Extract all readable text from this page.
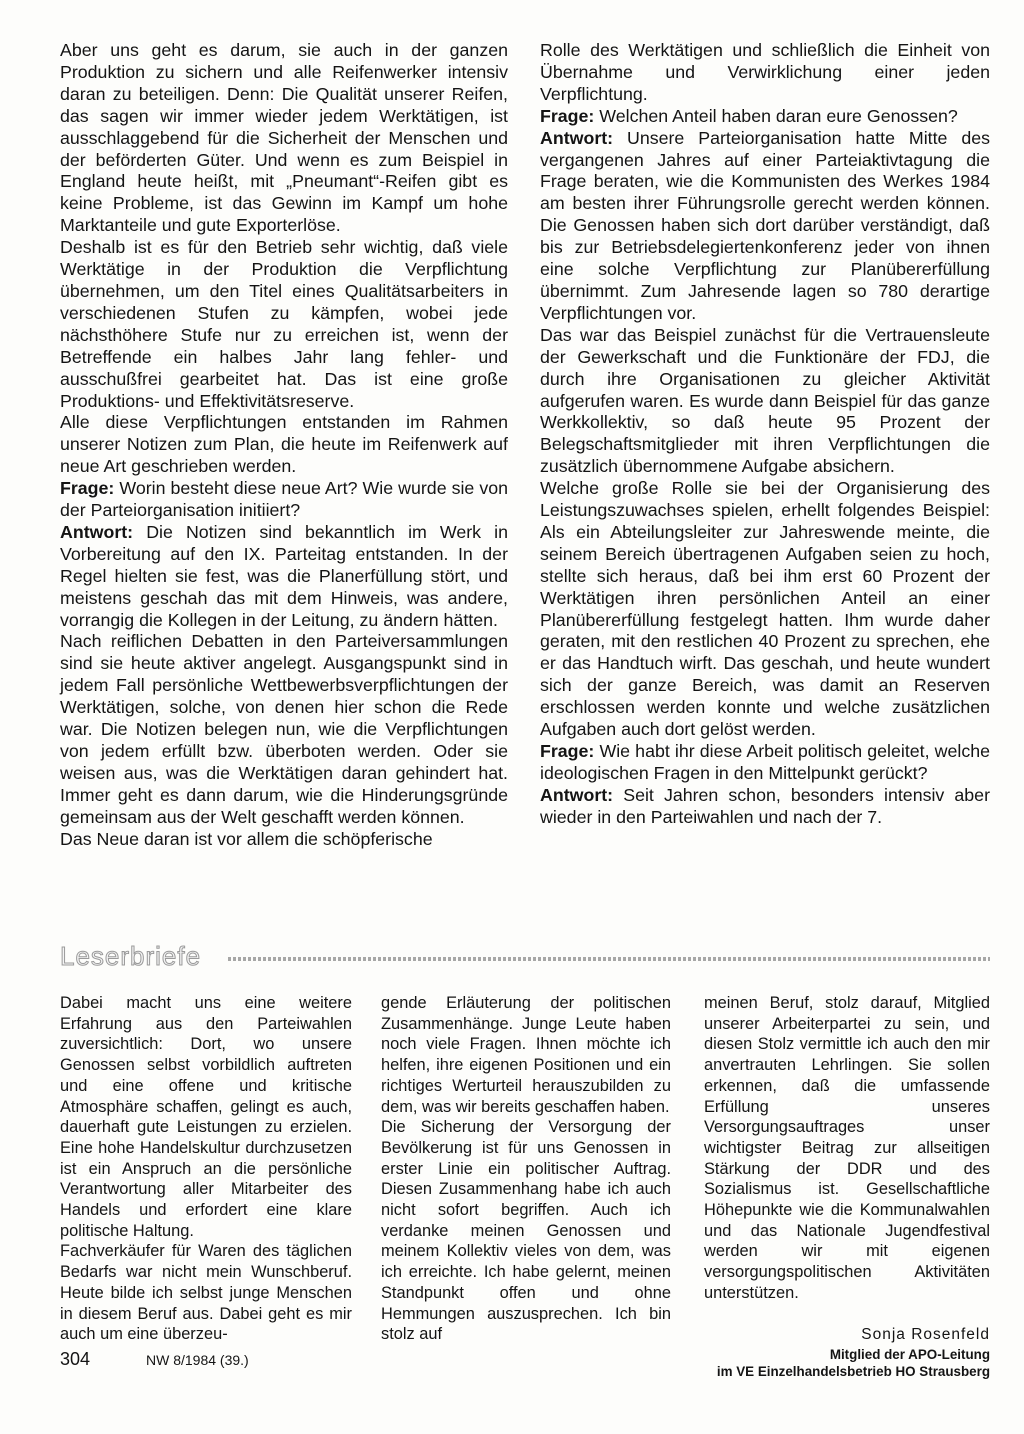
Aber uns geht es darum, sie auch in der ganzen Produktion zu sichern und alle Reifenwerker intensiv daran zu beteiligen. Denn: Die Qualität unserer Reifen, das sagen wir immer wieder jedem Werktätigen, ist ausschlaggebend für die Sicherheit der Menschen und der beförderten Güter. Und wenn es zum Beispiel in England heute heißt, mit „Pneumant“-Reifen gibt es keine Probleme, ist das Gewinn im Kampf um hohe Marktanteile und gute Exporterlöse.

Deshalb ist es für den Betrieb sehr wichtig, daß viele Werktätige in der Produktion die Verpflichtung übernehmen, um den Titel eines Qualitätsarbeiters in verschiedenen Stufen zu kämpfen, wobei jede nächsthöhere Stufe nur zu erreichen ist, wenn der Betreffende ein halbes Jahr lang fehler- und ausschußfrei gearbeitet hat. Das ist eine große Produktions- und Effektivitätsreserve.

Alle diese Verpflichtungen entstanden im Rahmen unserer Notizen zum Plan, die heute im Reifenwerk auf neue Art geschrieben werden.

Frage: Worin besteht diese neue Art? Wie wurde sie von der Parteiorganisation initiiert?

Antwort: Die Notizen sind bekanntlich im Werk in Vorbereitung auf den IX. Parteitag entstanden. In der Regel hielten sie fest, was die Planerfüllung stört, und meistens geschah das mit dem Hinweis, was andere, vorrangig die Kollegen in der Leitung, zu ändern hätten.

Nach reiflichen Debatten in den Parteiversammlungen sind sie heute aktiver angelegt. Ausgangspunkt sind in jedem Fall persönliche Wettbewerbsverpflichtungen der Werktätigen, solche, von denen hier schon die Rede war. Die Notizen belegen nun, wie die Verpflichtungen von jedem erfüllt bzw. überboten werden. Oder sie weisen aus, was die Werktätigen daran gehindert hat. Immer geht es dann darum, wie die Hinderungsgründe gemeinsam aus der Welt geschafft werden können.

Das Neue daran ist vor allem die schöpferische

Rolle des Werktätigen und schließlich die Einheit von Übernahme und Verwirklichung einer jeden Verpflichtung.

Frage: Welchen Anteil haben daran eure Genossen?

Antwort: Unsere Parteiorganisation hatte Mitte des vergangenen Jahres auf einer Parteiaktivtagung die Frage beraten, wie die Kommunisten des Werkes 1984 am besten ihrer Führungsrolle gerecht werden können. Die Genossen haben sich dort darüber verständigt, daß bis zur Betriebsdelegiertenkonferenz jeder von ihnen eine solche Verpflichtung zur Planübererfüllung übernimmt. Zum Jahresende lagen so 780 derartige Verpflichtungen vor.

Das war das Beispiel zunächst für die Vertrauensleute der Gewerkschaft und die Funktionäre der FDJ, die durch ihre Organisationen zu gleicher Aktivität aufgerufen waren. Es wurde dann Beispiel für das ganze Werkkollektiv, so daß heute 95 Prozent der Belegschaftsmitglieder mit ihren Verpflichtungen die zusätzlich übernommene Aufgabe absichern.

Welche große Rolle sie bei der Organisierung des Leistungszuwachses spielen, erhellt folgendes Beispiel: Als ein Abteilungsleiter zur Jahreswende meinte, die seinem Bereich übertragenen Aufgaben seien zu hoch, stellte sich heraus, daß bei ihm erst 60 Prozent der Werktätigen ihren persönlichen Anteil an einer Planübererfüllung festgelegt hatten. Ihm wurde daher geraten, mit den restlichen 40 Prozent zu sprechen, ehe er das Handtuch wirft. Das geschah, und heute wundert sich der ganze Bereich, was damit an Reserven erschlossen werden konnte und welche zusätzlichen Aufgaben auch dort gelöst werden.

Frage: Wie habt ihr diese Arbeit politisch geleitet, welche ideologischen Fragen in den Mittelpunkt gerückt?

Antwort: Seit Jahren schon, besonders intensiv aber wieder in den Parteiwahlen und nach der 7.

Leserbriefe

Dabei macht uns eine weitere Erfahrung aus den Parteiwahlen zuversichtlich: Dort, wo unsere Genossen selbst vorbildlich auftreten und eine offene und kritische Atmosphäre schaffen, gelingt es auch, dauerhaft gute Leistungen zu erzielen. Eine hohe Handelskultur durchzusetzen ist ein Anspruch an die persönliche Verantwortung aller Mitarbeiter des Handels und erfordert eine klare politische Haltung.

Fachverkäufer für Waren des täglichen Bedarfs war nicht mein Wunschberuf. Heute bilde ich selbst junge Menschen in diesem Beruf aus. Dabei geht es mir auch um eine überzeu-

gende Erläuterung der politischen Zusammenhänge. Junge Leute haben noch viele Fragen. Ihnen möchte ich helfen, ihre eigenen Positionen und ein richtiges Werturteil herauszubilden zu dem, was wir bereits geschaffen haben.

Die Sicherung der Versorgung der Bevölkerung ist für uns Genossen in erster Linie ein politischer Auftrag. Diesen Zusammenhang habe ich auch nicht sofort begriffen. Auch ich verdanke meinen Genossen und meinem Kollektiv vieles von dem, was ich erreichte. Ich habe gelernt, meinen Standpunkt offen und ohne Hemmungen auszusprechen. Ich bin stolz auf

meinen Beruf, stolz darauf, Mitglied unserer Arbeiterpartei zu sein, und diesen Stolz vermittle ich auch den mir anvertrauten Lehrlingen. Sie sollen erkennen, daß die umfassende Erfüllung unseres Versorgungsauftrages unser wichtigster Beitrag zur allseitigen Stärkung der DDR und des Sozialismus ist. Gesellschaftliche Höhepunkte wie die Kommunalwahlen und das Nationale Jugendfestival werden wir mit eigenen versorgungspolitischen Aktivitäten unterstützen.

Sonja Rosenfeld
Mitglied der APO-Leitung
im VE Einzelhandelsbetrieb HO Strausberg
304	NW 8/1984 (39.)
